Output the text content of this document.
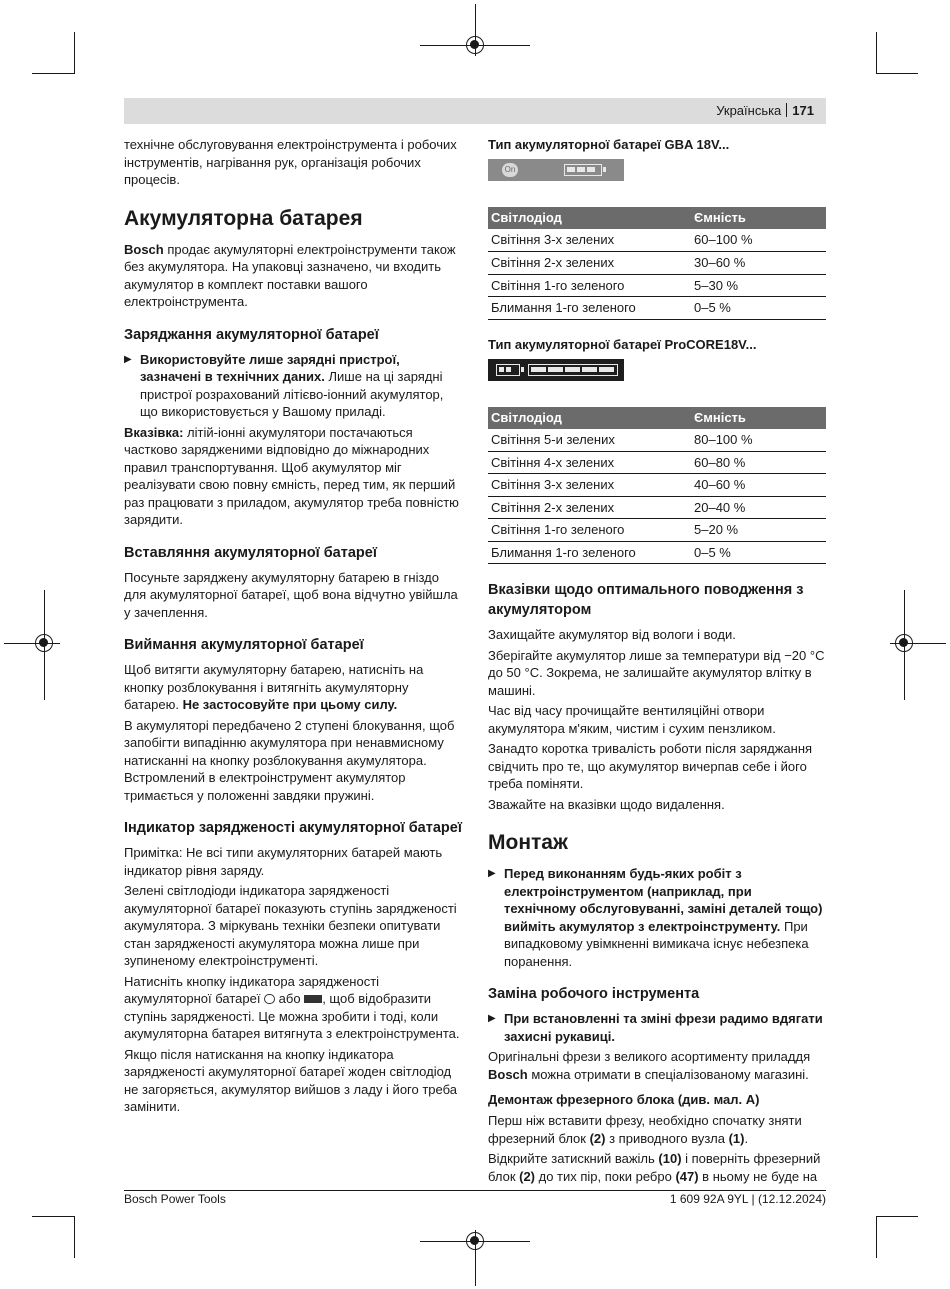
Українська 171

технічне обслуговування електроінструмента і робочих інструментів, нагрівання рук, організація робочих процесів.

Акумуляторна батарея

Bosch продає акумуляторні електроінструменти також без акумулятора. На упаковці зазначено, чи входить акумулятор в комплект поставки вашого електроінструмента.

Заряджання акумуляторної батареї
▶ Використовуйте лише зарядні пристрої, зазначені в технічних даних. Лише на ці зарядні пристрої розрахований літієво-іонний акумулятор, що використовується у Вашому приладі.

Вказівка: літій-іонні акумулятори постачаються частково зарядженими відповідно до міжнародних правил транспортування. Щоб акумулятор міг реалізувати свою повну ємність, перед тим, як перший раз працювати з приладом, акумулятор треба повністю зарядити.

Вставляння акумуляторної батареї

Посуньте заряджену акумуляторну батарею в гніздо для акумуляторної батареї, щоб вона відчутно увійшла у зачеплення.

Виймання акумуляторної батареї

Щоб витягти акумуляторну батарею, натисніть на кнопку розблокування і витягніть акумуляторну батарею. Не застосовуйте при цьому силу.

В акумуляторі передбачено 2 ступені блокування, щоб запобігти випадінню акумулятора при ненавмисному натисканні на кнопку розблокування акумулятора. Встромлений в електроінструмент акумулятор тримається у положенні завдяки пружині.

Індикатор зарядженості акумуляторної батареї

Примітка: Не всі типи акумуляторних батарей мають індикатор рівня заряду.

Зелені світлодіоди індикатора зарядженості акумуляторної батареї показують ступінь зарядженості акумулятора. З міркувань техніки безпеки опитувати стан зарядженості акумулятора можна лише при зупиненому електроінструменті.

Натисніть кнопку індикатора зарядженості акумуляторної батареї  або , щоб відобразити ступінь зарядженості. Це можна зробити і тоді, коли акумуляторна батарея витягнута з електроінструмента.

Якщо після натискання на кнопку індикатора зарядженості акумуляторної батареї жоден світлодіод не загоряється, акумулятор вийшов з ладу і його треба замінити.

Тип акумуляторної батареї GBA 18V...
On
Світлодіод	Ємність
Світіння 3-х зелених	60–100 %
Світіння 2-х зелених	30–60 %
Світіння 1-го зеленого	5–30 %
Блимання 1-го зеленого	0–5 %
Тип акумуляторної батареї ProCORE18V...
Світлодіод	Ємність
Світіння 5-и зелених	80–100 %
Світіння 4-х зелених	60–80 %
Світіння 3-х зелених	40–60 %
Світіння 2-х зелених	20–40 %
Світіння 1-го зеленого	5–20 %
Блимання 1-го зеленого	0–5 %
Вказівки щодо оптимального поводження з акумулятором

Захищайте акумулятор від вологи і води.

Зберігайте акумулятор лише за температури від −20 °C до 50 °C. Зокрема, не залишайте акумулятор влітку в машині.

Час від часу прочищайте вентиляційні отвори акумулятора м'яким, чистим і сухим пензликом.

Занадто коротка тривалість роботи після заряджання свідчить про те, що акумулятор вичерпав себе і його треба поміняти.

Зважайте на вказівки щодо видалення.

Монтаж
▶ Перед виконанням будь-яких робіт з електроінструментом (наприклад, при технічному обслуговуванні, заміні деталей тощо) вийміть акумулятор з електроінструменту. При випадковому увімкненні вимикача існує небезпека поранення.
Заміна робочого інструмента
▶ При встановленні та зміні фрези радимо вдягати захисні рукавиці.

Оригінальні фрези з великого асортименту приладдя Bosch можна отримати в спеціалізованому магазині.

Демонтаж фрезерного блока (див. мал. A)

Перш ніж вставити фрезу, необхідно спочатку зняти фрезерний блок (2) з приводного вузла (1).

Відкрийте затискний важіль (10) і поверніть фрезерний блок (2) до тих пір, поки ребро (47) в ньому не буде на

Bosch Power Tools	1 609 92A 9YL | (12.12.2024)
